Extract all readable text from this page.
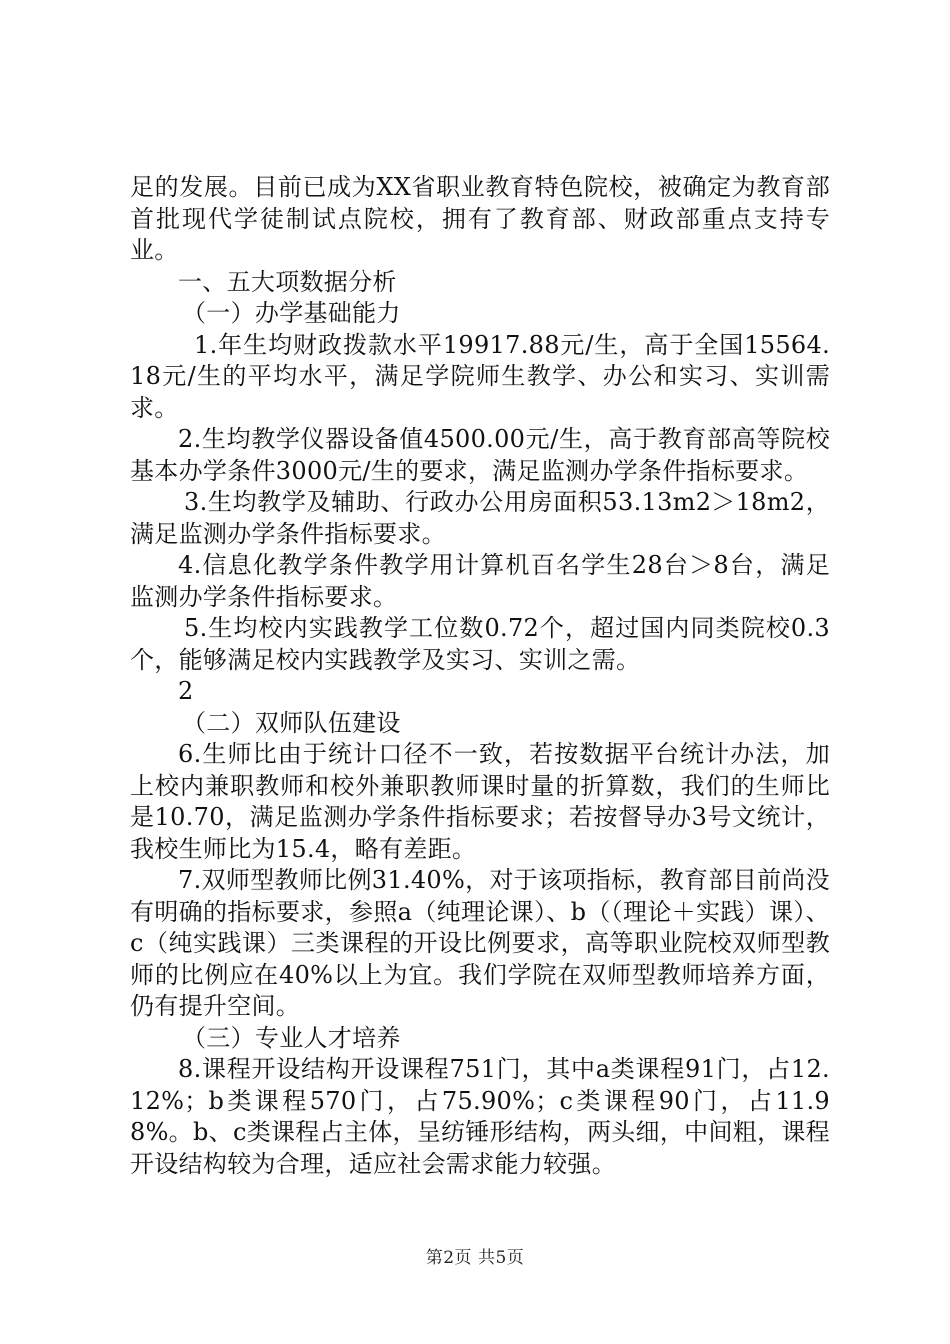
足的发展。目前已成为XX省职业教育特色院校，被确定为教育部首批现代学徒制试点院校，拥有了教育部、财政部重点支持专业。

一、五大项数据分析

（一）办学基础能力

1.年生均财政拨款水平19917.88元/生，高于全国15564.18元/生的平均水平，满足学院师生教学、办公和实习、实训需求。

2.生均教学仪器设备值4500.00元/生，高于教育部高等院校基本办学条件3000元/生的要求，满足监测办学条件指标要求。

3.生均教学及辅助、行政办公用房面积53.13m2＞18m2，满足监测办学条件指标要求。

4.信息化教学条件教学用计算机百名学生28台＞8台，满足监测办学条件指标要求。

5.生均校内实践教学工位数0.72个，超过国内同类院校0.3个，能够满足校内实践教学及实习、实训之需。

2

（二）双师队伍建设

6.生师比由于统计口径不一致，若按数据平台统计办法，加上校内兼职教师和校外兼职教师课时量的折算数，我们的生师比是10.70，满足监测办学条件指标要求；若按督导办3号文统计，我校生师比为15.4，略有差距。

7.双师型教师比例31.40%，对于该项指标，教育部目前尚没有明确的指标要求，参照a（纯理论课）、b（（理论＋实践）课）、c（纯实践课）三类课程的开设比例要求，高等职业院校双师型教师的比例应在40%以上为宜。我们学院在双师型教师培养方面，仍有提升空间。

（三）专业人才培养

8.课程开设结构开设课程751门，其中a类课程91门，占12.12%；b类课程570门，占75.90%；c类课程90门，占11.98%。b、c类课程占主体，呈纺锤形结构，两头细，中间粗，课程开设结构较为合理，适应社会需求能力较强。

第2页 共5页
